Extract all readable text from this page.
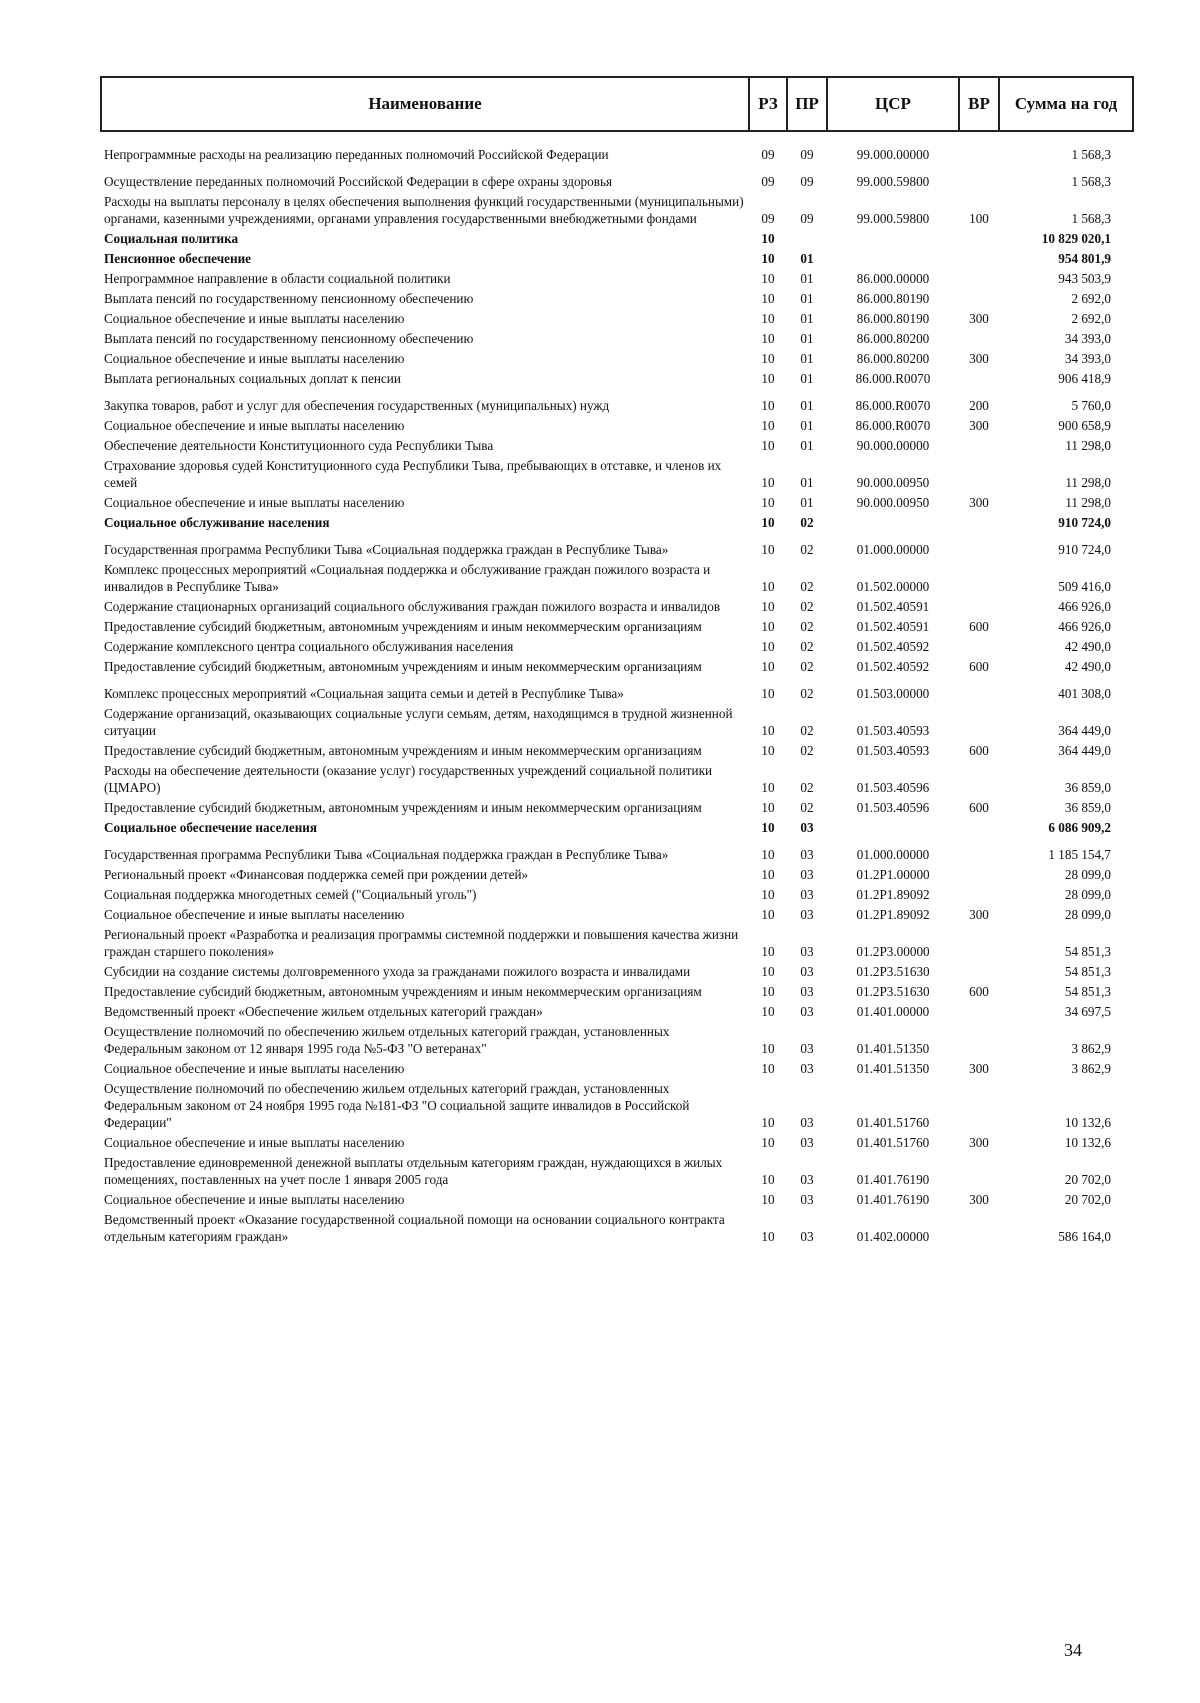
Наименование	РЗ	ПР	ЦСР	ВР	Сумма на год
Непрограммные расходы на реализацию переданных полномочий Российской Федерации	09	09	99.000.00000		1 568,3
Осуществление переданных полномочий Российской Федерации в сфере охраны здоровья	09	09	99.000.59800		1 568,3
Расходы на выплаты персоналу в целях обеспечения выполнения функций государственными (муниципальными) органами, казенными учреждениями, органами управления государственными внебюджетными фондами	09	09	99.000.59800	100	1 568,3
Социальная политика	10				10 829 020,1
Пенсионное обеспечение	10	01			954 801,9
Непрограммное направление в области социальной политики	10	01	86.000.00000		943 503,9
Выплата пенсий по государственному пенсионному обеспечению	10	01	86.000.80190		2 692,0
Социальное обеспечение и иные выплаты населению	10	01	86.000.80190	300	2 692,0
Выплата пенсий по государственному пенсионному обеспечению	10	01	86.000.80200		34 393,0
Социальное обеспечение и иные выплаты населению	10	01	86.000.80200	300	34 393,0
Выплата региональных социальных доплат к пенсии	10	01	86.000.R0070		906 418,9
Закупка товаров, работ и услуг для обеспечения государственных (муниципальных) нужд	10	01	86.000.R0070	200	5 760,0
Социальное обеспечение и иные выплаты населению	10	01	86.000.R0070	300	900 658,9
Обеспечение деятельности Конституционного суда Республики Тыва	10	01	90.000.00000		11 298,0
Страхование здоровья судей Конституционного суда Республики Тыва, пребывающих в отставке, и членов их семей	10	01	90.000.00950		11 298,0
Социальное обеспечение и иные выплаты населению	10	01	90.000.00950	300	11 298,0
Социальное обслуживание населения	10	02			910 724,0
Государственная программа Республики Тыва «Социальная поддержка граждан в Республике Тыва»	10	02	01.000.00000		910 724,0
Комплекс процессных мероприятий «Социальная поддержка и обслуживание граждан пожилого возраста и инвалидов в Республике Тыва»	10	02	01.502.00000		509 416,0
Содержание стационарных организаций социального обслуживания граждан пожилого возраста и инвалидов	10	02	01.502.40591		466 926,0
Предоставление субсидий бюджетным, автономным учреждениям и иным некоммерческим организациям	10	02	01.502.40591	600	466 926,0
Содержание комплексного центра социального обслуживания населения	10	02	01.502.40592		42 490,0
Предоставление субсидий бюджетным, автономным учреждениям и иным некоммерческим организациям	10	02	01.502.40592	600	42 490,0
Комплекс процессных мероприятий «Социальная защита семьи и детей в Республике Тыва»	10	02	01.503.00000		401 308,0
Содержание организаций, оказывающих социальные услуги семьям, детям, находящимся в трудной жизненной ситуации	10	02	01.503.40593		364 449,0
Предоставление субсидий бюджетным, автономным учреждениям и иным некоммерческим организациям	10	02	01.503.40593	600	364 449,0
Расходы на обеспечение деятельности (оказание услуг) государственных учреждений социальной политики (ЦМАРО)	10	02	01.503.40596		36 859,0
Предоставление субсидий бюджетным, автономным учреждениям и иным некоммерческим организациям	10	02	01.503.40596	600	36 859,0
Социальное обеспечение населения	10	03			6 086 909,2
Государственная программа Республики Тыва «Социальная поддержка граждан в Республике Тыва»	10	03	01.000.00000		1 185 154,7
Региональный проект «Финансовая поддержка семей при рождении детей»	10	03	01.2Р1.00000		28 099,0
Социальная поддержка многодетных семей ("Социальный уголь")	10	03	01.2Р1.89092		28 099,0
Социальное обеспечение и иные выплаты населению	10	03	01.2Р1.89092	300	28 099,0
Региональный проект «Разработка и реализация программы системной поддержки и повышения качества жизни граждан старшего поколения»	10	03	01.2Р3.00000		54 851,3
Субсидии на создание системы долговременного ухода за гражданами пожилого возраста и инвалидами	10	03	01.2Р3.51630		54 851,3
Предоставление субсидий бюджетным, автономным учреждениям и иным некоммерческим организациям	10	03	01.2Р3.51630	600	54 851,3
Ведомственный проект «Обеспечение жильем отдельных категорий граждан»	10	03	01.401.00000		34 697,5
Осуществление полномочий по обеспечению жильем отдельных категорий граждан, установленных Федеральным законом от 12 января 1995 года №5-ФЗ "О ветеранах"	10	03	01.401.51350		3 862,9
Социальное обеспечение и иные выплаты населению	10	03	01.401.51350	300	3 862,9
Осуществление полномочий по обеспечению жильем отдельных категорий граждан, установленных Федеральным законом от 24 ноября 1995 года №181-ФЗ "О социальной защите инвалидов в Российской Федерации"	10	03	01.401.51760		10 132,6
Социальное обеспечение и иные выплаты населению	10	03	01.401.51760	300	10 132,6
Предоставление единовременной денежной выплаты отдельным категориям граждан, нуждающихся в жилых помещениях, поставленных на учет после 1 января 2005 года	10	03	01.401.76190		20 702,0
Социальное обеспечение и иные выплаты населению	10	03	01.401.76190	300	20 702,0
Ведомственный проект «Оказание государственной социальной помощи на основании социального контракта отдельным категориям граждан»	10	03	01.402.00000		586 164,0
34
